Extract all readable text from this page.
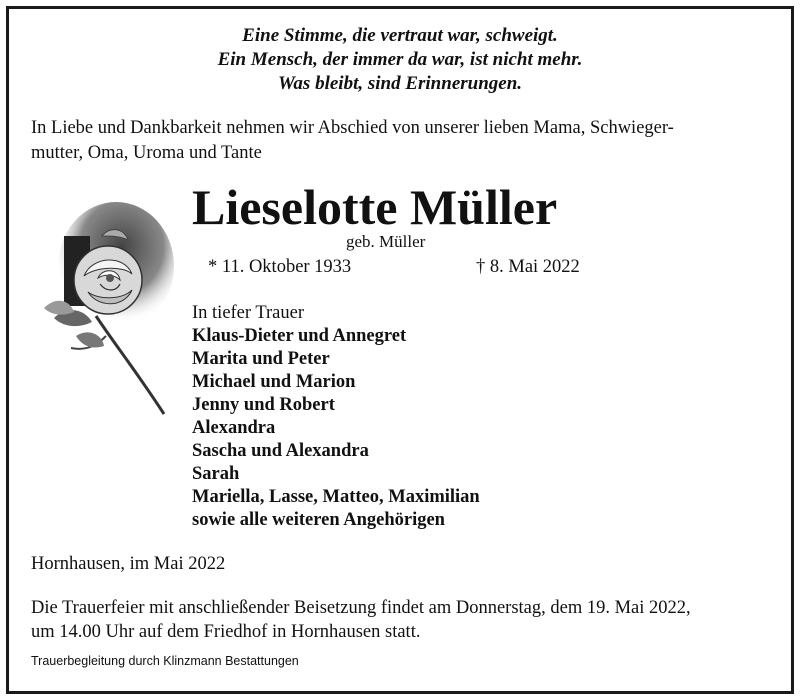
Eine Stimme, die vertraut war, schweigt.
Ein Mensch, der immer da war, ist nicht mehr.
Was bleibt, sind Erinnerungen.
In Liebe und Dankbarkeit nehmen wir Abschied von unserer lieben Mama, Schwieger-
mutter, Oma, Uroma und Tante
Lieselotte Müller
geb. Müller
* 11. Oktober 1933	† 8. Mai 2022
In tiefer Trauer
Klaus-Dieter und Annegret
Marita und Peter
Michael und Marion
Jenny und Robert
Alexandra
Sascha und Alexandra
Sarah
Mariella, Lasse, Matteo, Maximilian
sowie alle weiteren Angehörigen
Hornhausen, im Mai 2022
Die Trauerfeier mit anschließender Beisetzung findet am Donnerstag, dem 19. Mai 2022,
um 14.00 Uhr auf dem Friedhof in Hornhausen statt.
Trauerbegleitung durch Klinzmann Bestattungen
